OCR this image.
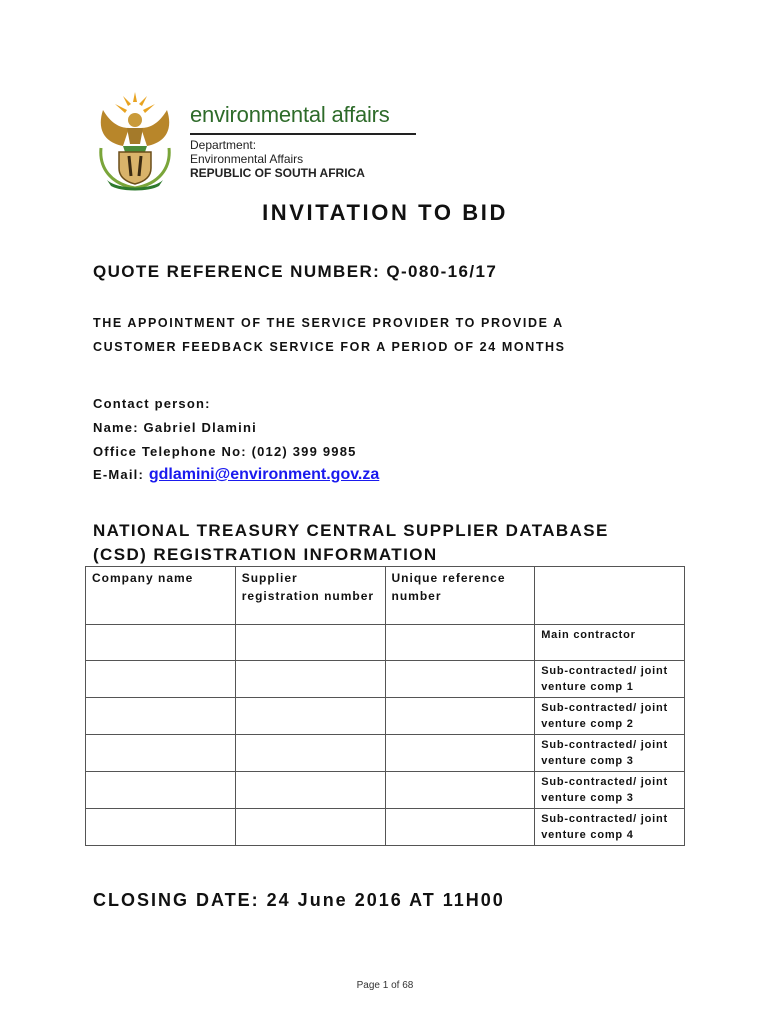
environmental affairs
Department:
Environmental Affairs
REPUBLIC OF SOUTH AFRICA
INVITATION TO BID
QUOTE REFERENCE NUMBER: Q-080-16/17
THE APPOINTMENT OF THE SERVICE PROVIDER TO PROVIDE A
CUSTOMER FEEDBACK SERVICE FOR A PERIOD OF 24 MONTHS
Contact person:
Name: Gabriel Dlamini
Office Telephone No: (012) 399 9985
E-Mail: gdlamini@environment.gov.za
NATIONAL TREASURY CENTRAL SUPPLIER DATABASE
(CSD) REGISTRATION INFORMATION
Company name	Supplier registration number	Unique reference number	
			Main contractor
			Sub-contracted/ joint venture comp 1
			Sub-contracted/ joint venture comp 2
			Sub-contracted/ joint venture comp 3
			Sub-contracted/ joint venture comp 3
			Sub-contracted/ joint venture comp 4
CLOSING DATE: 24 June 2016 AT 11H00
Page 1 of 68
